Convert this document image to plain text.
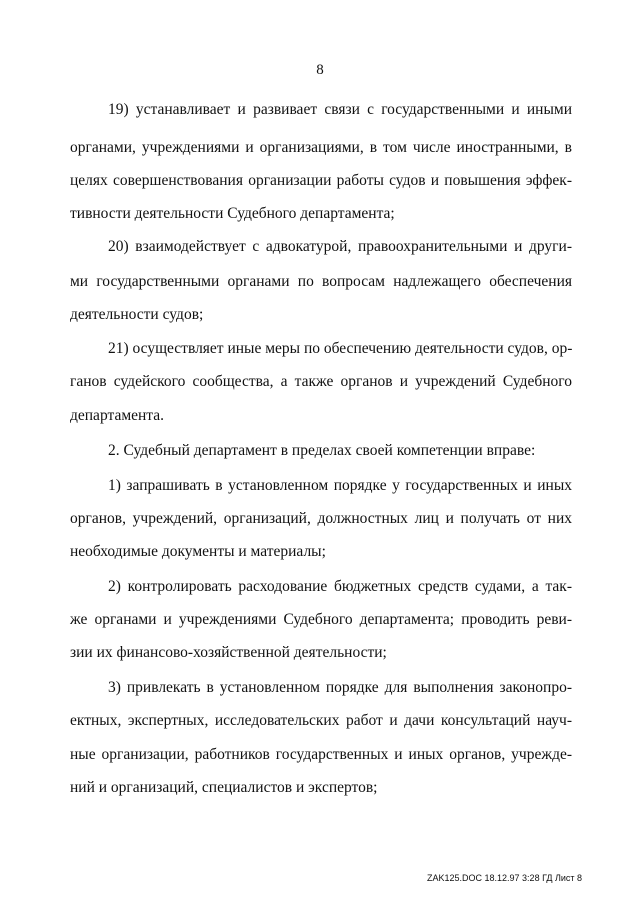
8
19) устанавливает и развивает связи с государственными и иными
органами, учреждениями и организациями, в том числе иностранными, в
целях совершенствования организации работы судов и повышения эффек-
тивности деятельности Судебного департамента;
20) взаимодействует с адвокатурой, правоохранительными и други-
ми государственными органами по вопросам надлежащего обеспечения
деятельности судов;
21) осуществляет иные меры по обеспечению деятельности судов, ор-
ганов судейского сообщества, а также органов и учреждений Судебного
департамента.
2. Судебный департамент в пределах своей компетенции вправе:
1) запрашивать в установленном порядке у государственных и иных
органов, учреждений, организаций, должностных лиц и получать от них
необходимые документы и материалы;
2) контролировать расходование бюджетных средств судами, а так-
же органами и учреждениями Судебного департамента; проводить реви-
зии их финансово-хозяйственной деятельности;
3) привлекать в установленном порядке для выполнения законопро-
ектных, экспертных, исследовательских работ и дачи консультаций науч-
ные организации, работников государственных и иных органов, учрежде-
ний и организаций, специалистов и экспертов;
ZAK125.DOC 18.12.97 3:28 ГД Лист 8
